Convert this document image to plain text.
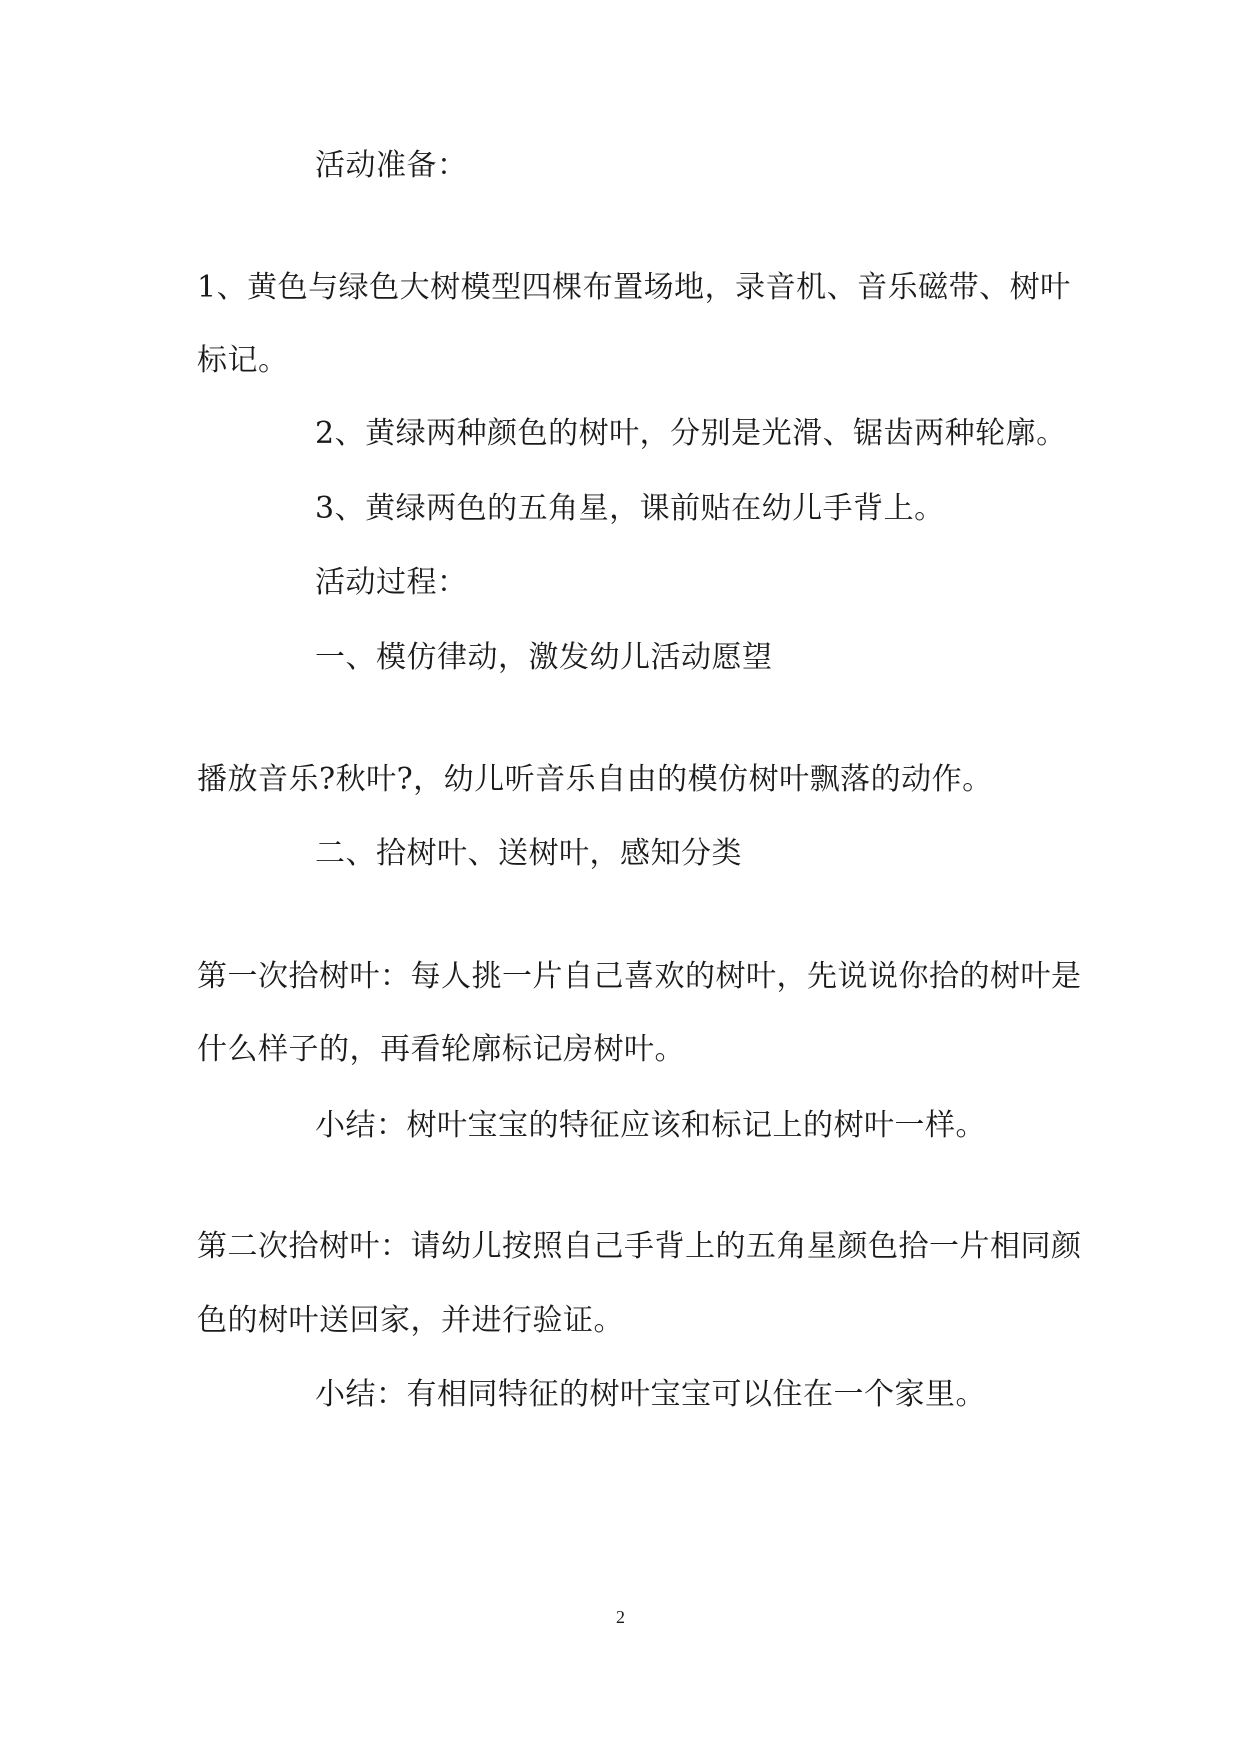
活动准备：
1、黄色与绿色大树模型四棵布置场地，录音机、音乐磁带、树叶
标记。
2、黄绿两种颜色的树叶，分别是光滑、锯齿两种轮廓。
3、黄绿两色的五角星，课前贴在幼儿手背上。
活动过程：
一、模仿律动，激发幼儿活动愿望
播放音乐?秋叶?，幼儿听音乐自由的模仿树叶飘落的动作。
二、拾树叶、送树叶，感知分类
第一次拾树叶：每人挑一片自己喜欢的树叶，先说说你拾的树叶是
什么样子的，再看轮廓标记房树叶。
小结：树叶宝宝的特征应该和标记上的树叶一样。
第二次拾树叶：请幼儿按照自己手背上的五角星颜色拾一片相同颜
色的树叶送回家，并进行验证。
小结：有相同特征的树叶宝宝可以住在一个家里。
2
